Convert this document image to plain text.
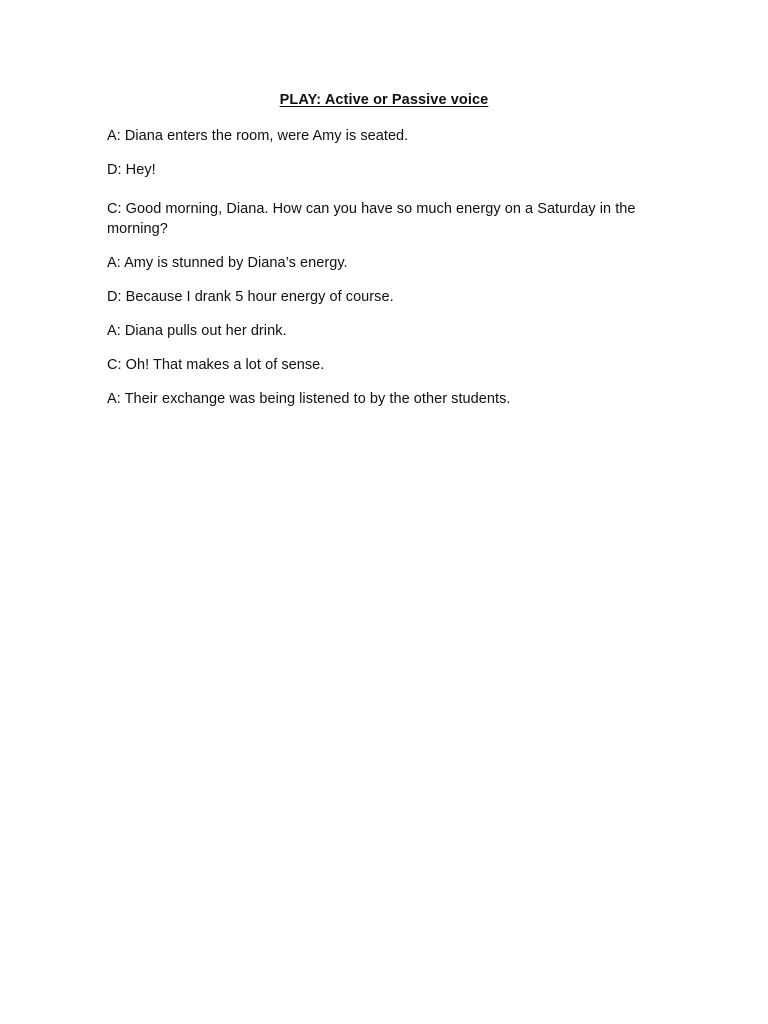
PLAY: Active or Passive voice
A: Diana enters the room, were Amy is seated.
D: Hey!
C: Good morning, Diana. How can you have so much energy on a Saturday in the morning?
A: Amy is stunned by Diana’s energy.
D: Because I drank 5 hour energy of course.
A: Diana pulls out her drink.
C: Oh! That makes a lot of sense.
A: Their exchange was being listened to by the other students.
